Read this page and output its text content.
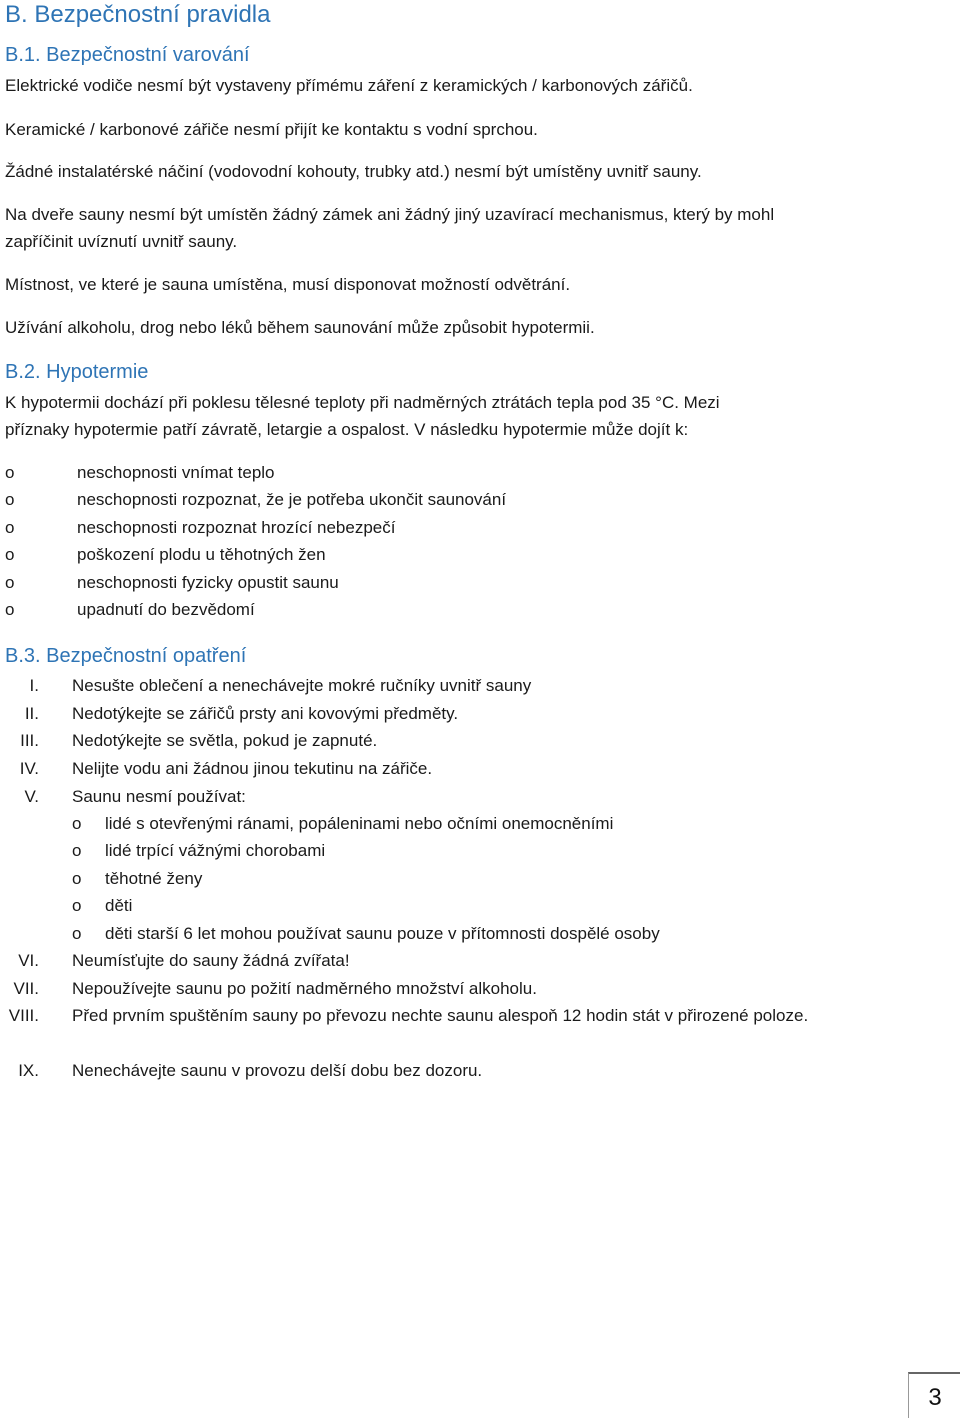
B. Bezpečnostní pravidla
B.1. Bezpečnostní varování
Elektrické vodiče nesmí být vystaveny přímému záření z keramických / karbonových zářičů.
Keramické / karbonové zářiče nesmí přijít ke kontaktu s vodní sprchou.
Žádné instalatérské náčiní (vodovodní kohouty, trubky atd.) nesmí být umístěny uvnitř sauny.
Na dveře sauny nesmí být umístěn žádný zámek ani žádný jiný uzavírací mechanismus, který by mohl
zapříčinit uvíznutí uvnitř sauny.
Místnost, ve které je sauna umístěna, musí disponovat možností odvětrání.
Užívání alkoholu, drog nebo léků během saunování může způsobit hypotermii.
B.2. Hypotermie
K hypotermii dochází při poklesu tělesné teploty při nadměrných ztrátách tepla pod 35 °C. Mezi
příznaky hypotermie patří závratě, letargie a ospalost. V následku hypotermie může dojít k:
o	neschopnosti vnímat teplo
o	neschopnosti rozpoznat, že je potřeba ukončit saunování
o	neschopnosti rozpoznat hrozící nebezpečí
o	poškození plodu u těhotných žen
o	neschopnosti fyzicky opustit saunu
o	upadnutí do bezvědomí
B.3. Bezpečnostní opatření
I. Nesušte oblečení a nenechávejte mokré ručníky uvnitř sauny
II. Nedotýkejte se zářičů prsty ani kovovými předměty.
III. Nedotýkejte se světla, pokud je zapnuté.
IV. Nelijte vodu ani žádnou jinou tekutinu na zářiče.
V. Saunu nesmí používat:
o lidé s otevřenými ránami, popáleninami nebo očními onemocněními
o lidé trpící vážnými chorobami
o těhotné ženy
o děti
o děti starší 6 let mohou používat saunu pouze v přítomnosti dospělé osoby
VI. Neumísťujte do sauny žádná zvířata!
VII. Nepoužívejte saunu po požití nadměrného množství alkoholu.
VIII. Před prvním spuštěním sauny po převozu nechte saunu alespoň 12 hodin stát v přirozené poloze.
IX. Nenechávejte saunu v provozu delší dobu bez dozoru.
3
